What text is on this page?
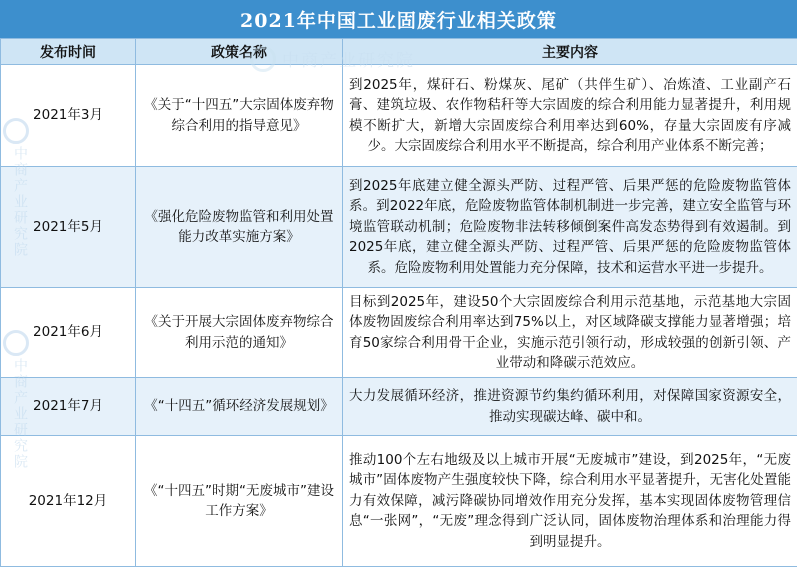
2021年中国工业固废行业相关政策
发布时间	政策名称	主要内容
2021年3月	《关于“十四五”大宗固体废弃物综合利用的指导意见》	到2025年，煤矸石、粉煤灰、尾矿（共伴生矿）、冶炼渣、工业副产石膏、建筑垃圾、农作物秸秆等大宗固废的综合利用能力显著提升，利用规模不断扩大，新增大宗固废综合利用率达到60%，存量大宗固废有序减少。大宗固废综合利用水平不断提高，综合利用产业体系不断完善；
2021年5月	《强化危险废物监管和利用处置能力改革实施方案》	到2025年底建立健全源头严防、过程严管、后果严惩的危险废物监管体系。到2022年底，危险废物监管体制机制进一步完善，建立安全监管与环境监管联动机制；危险废物非法转移倾倒案件高发态势得到有效遏制。到2025年底，建立健全源头严防、过程严管、后果严惩的危险废物监管体系。危险废物利用处置能力充分保障，技术和运营水平进一步提升。
2021年6月	《关于开展大宗固体废弃物综合利用示范的通知》	目标到2025年，建设50个大宗固废综合利用示范基地，示范基地大宗固体废物固废综合利用率达到75%以上，对区域降碳支撑能力显著增强；培育50家综合利用骨干企业，实施示范引领行动，形成较强的创新引领、产业带动和降碳示范效应。
2021年7月	《“十四五”循环经济发展规划》	大力发展循环经济，推进资源节约集约循环利用，对保障国家资源安全，推动实现碳达峰、碳中和。
2021年12月	《“十四五”时期“无废城市”建设工作方案》	推动100个左右地级及以上城市开展“无废城市”建设，到2025年，“无废城市”固体废物产生强度较快下降，综合利用水平显著提升，无害化处置能力有效保障，减污降碳协同增效作用充分发挥，基本实现固体废物管理信息“一张网”，“无废”理念得到广泛认同，固体废物治理体系和治理能力得到明显提升。
中商产业研究院
中商产业研究院
中商产业研究院
